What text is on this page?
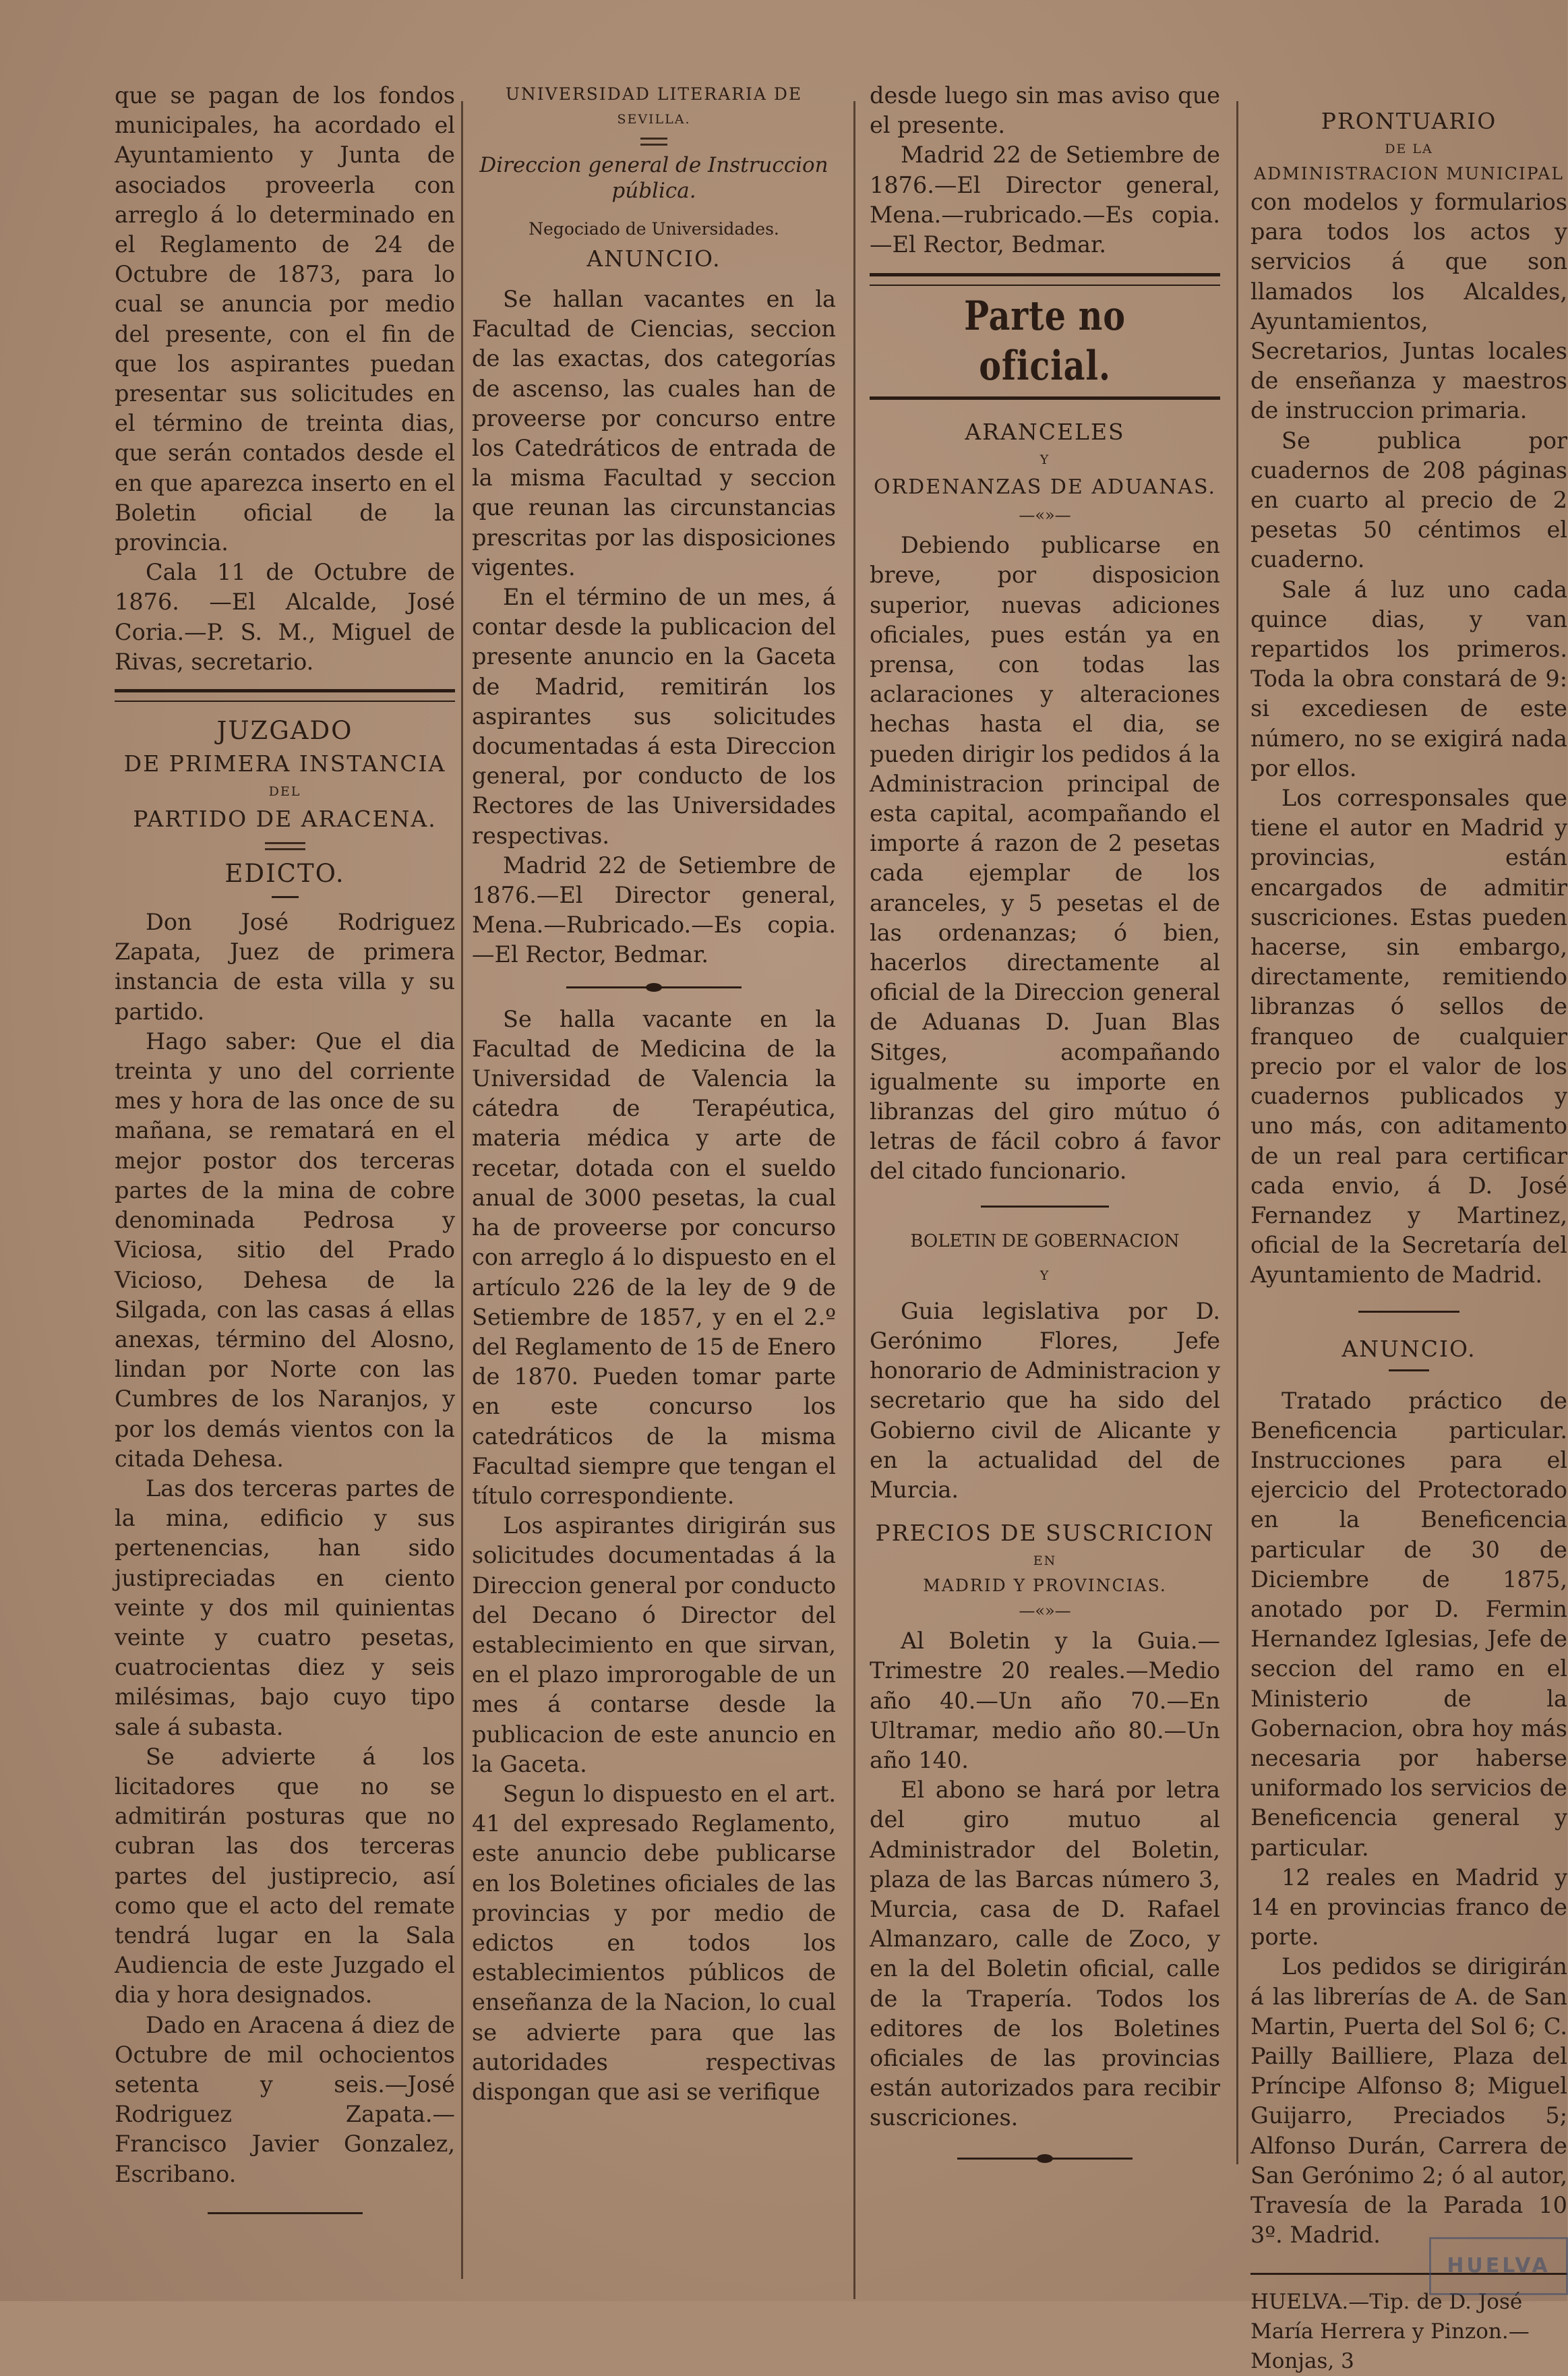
que se pagan de los fondos municipales, ha acordado el Ayuntamiento y Junta de asociados proveerla con arreglo á lo determinado en el Reglamento de 24 de Octubre de 1873, para lo cual se anuncia por medio del presente, con el fin de que los aspirantes puedan presentar sus solicitudes en el término de treinta dias, que serán contados desde el en que aparezca inserto en el Boletin oficial de la provincia.

Cala 11 de Octubre de 1876. —El Alcalde, José Coria.—P. S. M., Miguel de Rivas, secretario.

JUZGADO
DE PRIMERA INSTANCIA
DEL
PARTIDO DE ARACENA.
EDICTO.

Don José Rodriguez Zapata, Juez de primera instancia de esta villa y su partido.

Hago saber: Que el dia treinta y uno del corriente mes y hora de las once de su mañana, se rematará en el mejor postor dos terceras partes de la mina de cobre denominada Pedrosa y Viciosa, sitio del Prado Vicioso, Dehesa de la Silgada, con las casas á ellas anexas, término del Alosno, lindan por Norte con las Cumbres de los Naranjos, y por los demás vientos con la citada Dehesa.

Las dos terceras partes de la mina, edificio y sus pertenencias, han sido justipreciadas en ciento veinte y dos mil quinientas veinte y cuatro pesetas, cuatrocientas diez y seis milésimas, bajo cuyo tipo sale á subasta.

Se advierte á los licitadores que no se admitirán posturas que no cubran las dos terceras partes del justiprecio, así como que el acto del remate tendrá lugar en la Sala Audiencia de este Juzgado el dia y hora designados.

Dado en Aracena á diez de Octubre de mil ochocientos setenta y seis.—José Rodriguez Zapata.—Francisco Javier Gonzalez, Escribano.

UNIVERSIDAD LITERARIA DE
SEVILLA.
Direccion general de Instruccion pública.
Negociado de Universidades.
ANUNCIO.

Se hallan vacantes en la Facultad de Ciencias, seccion de las exactas, dos categorías de ascenso, las cuales han de proveerse por concurso entre los Catedráticos de entrada de la misma Facultad y seccion que reunan las circunstancias prescritas por las disposiciones vigentes.

En el término de un mes, á contar desde la publicacion del presente anuncio en la Gaceta de Madrid, remitirán los aspirantes sus solicitudes documentadas á esta Direccion general, por conducto de los Rectores de las Universidades respectivas.

Madrid 22 de Setiembre de 1876.—El Director general, Mena.—Rubricado.—Es copia.—El Rector, Bedmar.

Se halla vacante en la Facultad de Medicina de la Universidad de Valencia la cátedra de Terapéutica, materia médica y arte de recetar, dotada con el sueldo anual de 3000 pesetas, la cual ha de proveerse por concurso con arreglo á lo dispuesto en el artículo 226 de la ley de 9 de Setiembre de 1857, y en el 2.º del Reglamento de 15 de Enero de 1870. Pueden tomar parte en este concurso los catedráticos de la misma Facultad siempre que tengan el título correspondiente.

Los aspirantes dirigirán sus solicitudes documentadas á la Direccion general por conducto del Decano ó Director del establecimiento en que sirvan, en el plazo improrogable de un mes á contarse desde la publicacion de este anuncio en la Gaceta.

Segun lo dispuesto en el art. 41 del expresado Reglamento, este anuncio debe publicarse en los Boletines oficiales de las provincias y por medio de edictos en todos los establecimientos públicos de enseñanza de la Nacion, lo cual se advierte para que las autoridades respectivas dispongan que asi se verifique

desde luego sin mas aviso que el presente.

Madrid 22 de Setiembre de 1876.—El Director general, Mena.—rubricado.—Es copia.—El Rector, Bedmar.

Parte no oficial.
ARANCELES
Y
ORDENANZAS DE ADUANAS.
—«»—

Debiendo publicarse en breve, por disposicion superior, nuevas adiciones oficiales, pues están ya en prensa, con todas las aclaraciones y alteraciones hechas hasta el dia, se pueden dirigir los pedidos á la Administracion principal de esta capital, acompañando el importe á razon de 2 pesetas cada ejemplar de los aranceles, y 5 pesetas el de las ordenanzas; ó bien, hacerlos directamente al oficial de la Direccion general de Aduanas D. Juan Blas Sitges, acompañando igualmente su importe en libranzas del giro mútuo ó letras de fácil cobro á favor del citado funcionario.

BOLETIN DE GOBERNACION
Y

Guia legislativa por D. Gerónimo Flores, Jefe honorario de Administracion y secretario que ha sido del Gobierno civil de Alicante y en la actualidad del de Murcia.

PRECIOS DE SUSCRICION
EN
MADRID Y PROVINCIAS.
—«»—

Al Boletin y la Guia.—Trimestre 20 reales.—Medio año 40.—Un año 70.—En Ultramar, medio año 80.—Un año 140.

El abono se hará por letra del giro mutuo al Administrador del Boletin, plaza de las Barcas número 3, Murcia, casa de D. Rafael Almanzaro, calle de Zoco, y en la del Boletin oficial, calle de la Trapería. Todos los editores de los Boletines oficiales de las provincias están autorizados para recibir suscriciones.

PRONTUARIO
DE LA
ADMINISTRACION MUNICIPAL

con modelos y formularios para todos los actos y servicios á que son llamados los Alcaldes, Ayuntamientos, Secretarios, Juntas locales de enseñanza y maestros de instruccion primaria.

Se publica por cuadernos de 208 páginas en cuarto al precio de 2 pesetas 50 céntimos el cuaderno.

Sale á luz uno cada quince dias, y van repartidos los primeros. Toda la obra constará de 9: si excediesen de este número, no se exigirá nada por ellos.

Los corresponsales que tiene el autor en Madrid y provincias, están encargados de admitir suscriciones. Estas pueden hacerse, sin embargo, directamente, remitiendo libranzas ó sellos de franqueo de cualquier precio por el valor de los cuadernos publicados y uno más, con aditamento de un real para certificar cada envio, á D. José Fernandez y Martinez, oficial de la Secretaría del Ayuntamiento de Madrid.

ANUNCIO.

Tratado práctico de Beneficencia particular. Instrucciones para el ejercicio del Protectorado en la Beneficencia particular de 30 de Diciembre de 1875, anotado por D. Fermin Hernandez Iglesias, Jefe de seccion del ramo en el Ministerio de la Gobernacion, obra hoy más necesaria por haberse uniformado los servicios de Beneficencia general y particular.

12 reales en Madrid y 14 en provincias franco de porte.

Los pedidos se dirigirán á las librerías de A. de San Martin, Puerta del Sol 6; C. Pailly Bailliere, Plaza del Príncipe Alfonso 8; Miguel Guijarro, Preciados 5; Alfonso Durán, Carrera de San Gerónimo 2; ó al autor, Travesía de la Parada 10 3º. Madrid.

HUELVA.—Tip. de D. José María Herrera y Pinzon.—Monjas, 3

HUELVA
